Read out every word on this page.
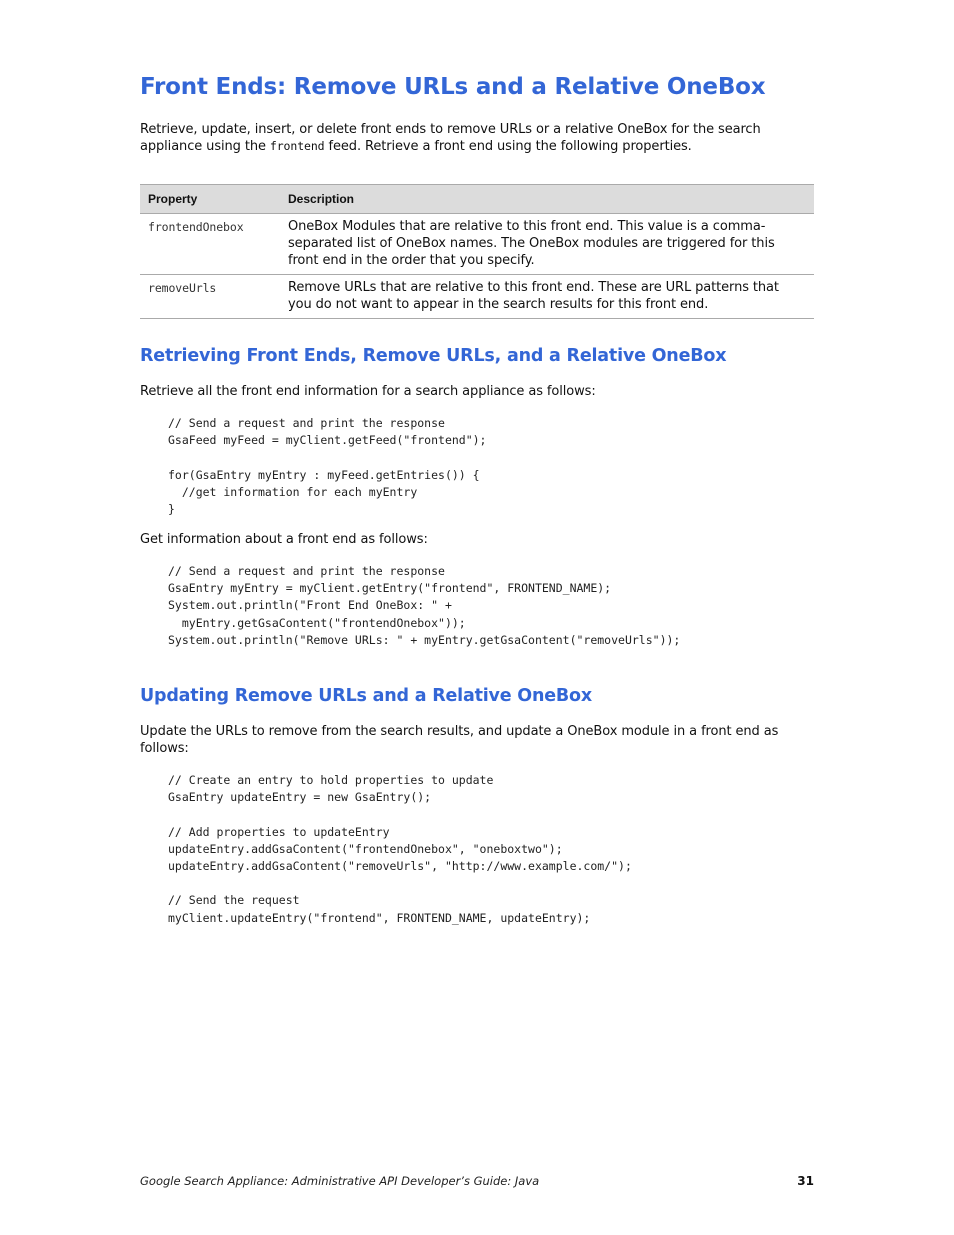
Front Ends: Remove URLs and a Relative OneBox

Retrieve, update, insert, or delete front ends to remove URLs or a relative OneBox for the search appliance using the frontend feed. Retrieve a front end using the following properties.

Property	Description
frontendOnebox	OneBox Modules that are relative to this front end. This value is a comma-separated list of OneBox names. The OneBox modules are triggered for this front end in the order that you specify.
removeUrls	Remove URLs that are relative to this front end. These are URL patterns that you do not want to appear in the search results for this front end.
Retrieving Front Ends, Remove URLs, and a Relative OneBox

Retrieve all the front end information for a search appliance as follows:

// Send a request and print the response
GsaFeed myFeed = myClient.getFeed("frontend");

for(GsaEntry myEntry : myFeed.getEntries()) {
//get information for each myEntry
}

Get information about a front end as follows:

// Send a request and print the response
GsaEntry myEntry = myClient.getEntry("frontend", FRONTEND_NAME);
System.out.println("Front End OneBox: " +
myEntry.getGsaContent("frontendOnebox"));
System.out.println("Remove URLs: " + myEntry.getGsaContent("removeUrls"));
Updating Remove URLs and a Relative OneBox

Update the URLs to remove from the search results, and update a OneBox module in a front end as follows:

// Create an entry to hold properties to update
GsaEntry updateEntry = new GsaEntry();

// Add properties to updateEntry
updateEntry.addGsaContent("frontendOnebox", "oneboxtwo");
updateEntry.addGsaContent("removeUrls", "http://www.example.com/");

// Send the request
myClient.updateEntry("frontend", FRONTEND_NAME, updateEntry);
Google Search Appliance: Administrative API Developer’s Guide: Java	31
